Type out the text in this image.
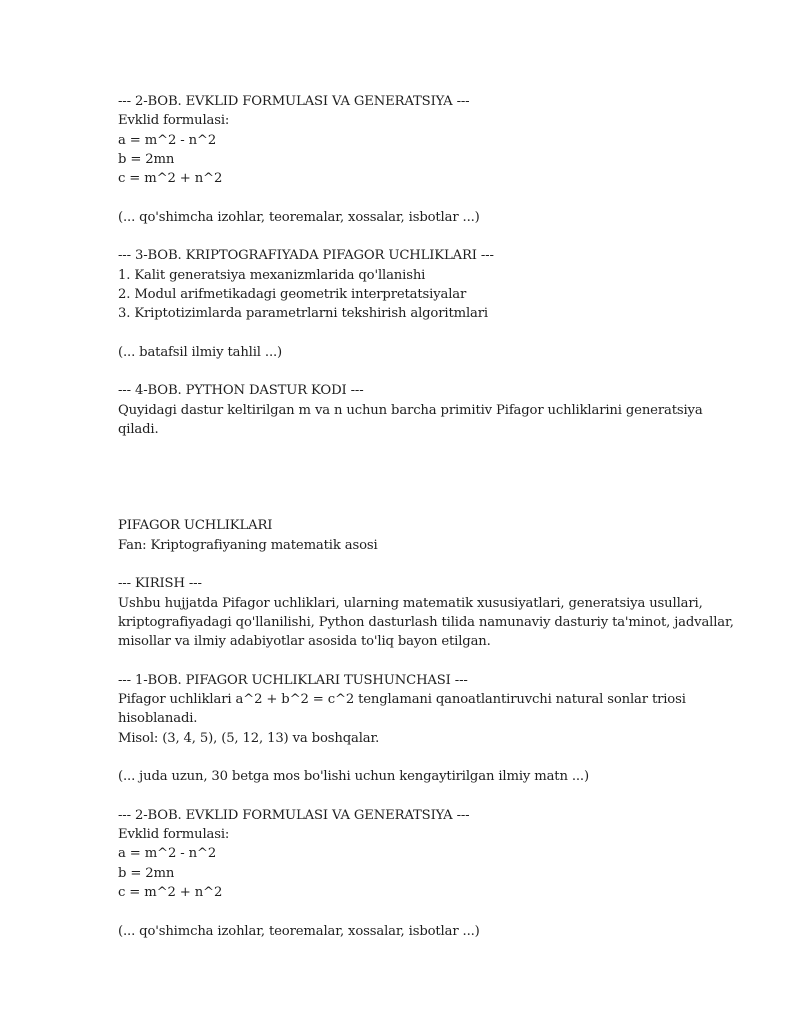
--- 2-BOB. EVKLID FORMULASI VA GENERATSIYA ---
Evklid formulasi:
a = m^2 - n^2
b = 2mn
c = m^2 + n^2
(... qo'shimcha izohlar, teoremalar, xossalar, isbotlar ...)
--- 3-BOB. KRIPTOGRAFIYADA PIFAGOR UCHLIKLARI ---
1. Kalit generatsiya mexanizmlarida qo'llanishi
2. Modul arifmetikadagi geometrik interpretatsiyalar
3. Kriptotizimlarda parametrlarni tekshirish algoritmlari
(... batafsil ilmiy tahlil ...)
--- 4-BOB. PYTHON DASTUR KODI ---
Quyidagi dastur keltirilgan m va n uchun barcha primitiv Pifagor uchliklarini generatsiya
qiladi.
PIFAGOR UCHLIKLARI
Fan: Kriptografiyaning matematik asosi
--- KIRISH ---
Ushbu hujjatda Pifagor uchliklari, ularning matematik xususiyatlari, generatsiya usullari,
kriptografiyadagi qo'llanilishi, Python dasturlash tilida namunaviy dasturiy ta'minot, jadvallar,
misollar va ilmiy adabiyotlar asosida to'liq bayon etilgan.
--- 1-BOB. PIFAGOR UCHLIKLARI TUSHUNCHASI ---
Pifagor uchliklari a^2 + b^2 = c^2 tenglamani qanoatlantiruvchi natural sonlar triosi
hisoblanadi.
Misol: (3, 4, 5), (5, 12, 13) va boshqalar.
(... juda uzun, 30 betga mos bo'lishi uchun kengaytirilgan ilmiy matn ...)
--- 2-BOB. EVKLID FORMULASI VA GENERATSIYA ---
Evklid formulasi:
a = m^2 - n^2
b = 2mn
c = m^2 + n^2
(... qo'shimcha izohlar, teoremalar, xossalar, isbotlar ...)
